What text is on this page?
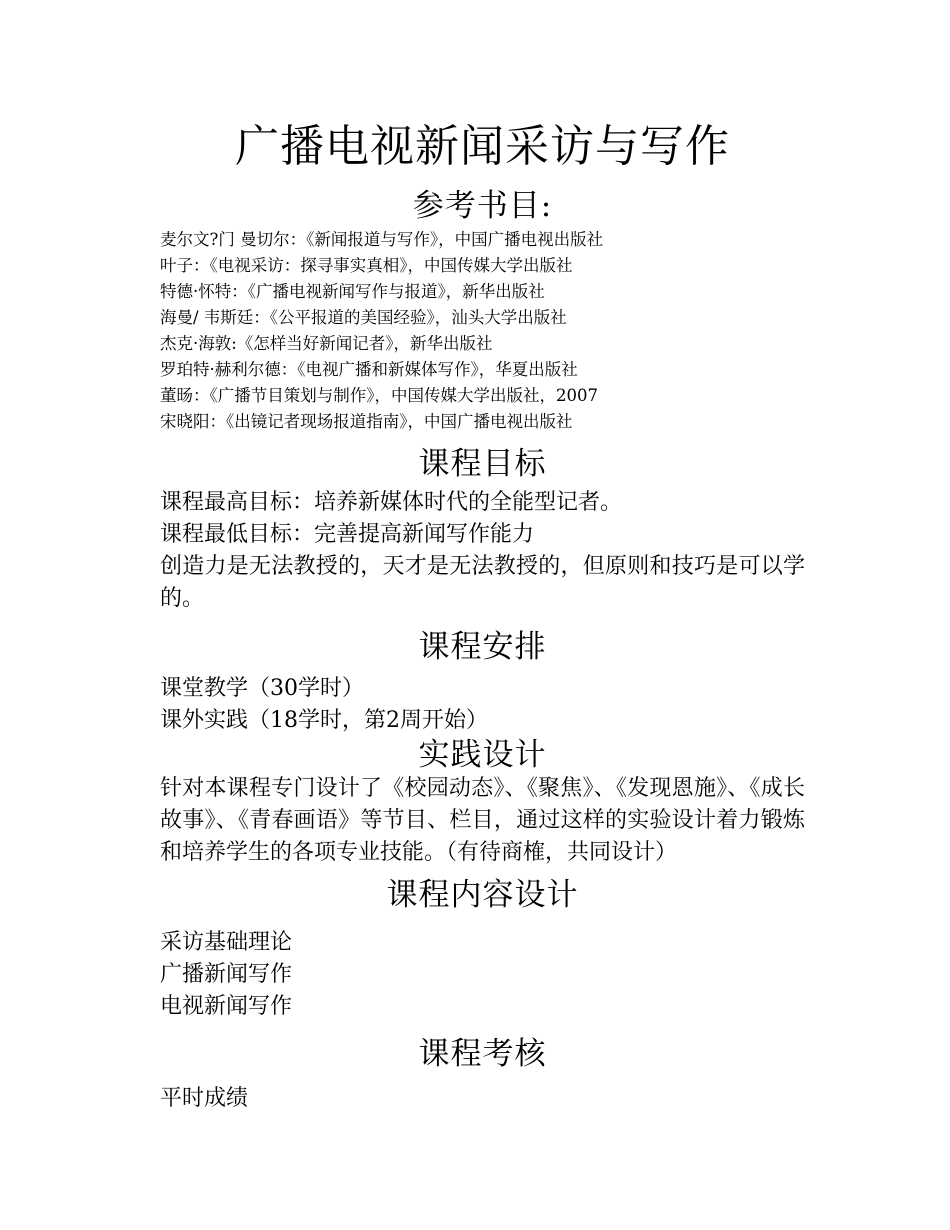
广播电视新闻采访与写作
参考书目:
麦尔文?门 曼切尔：《新闻报道与写作》，中国广播电视出版社
叶子：《电视采访：探寻事实真相》，中国传媒大学出版社
特德·怀特：《广播电视新闻写作与报道》，新华出版社
海曼/ 韦斯廷：《公平报道的美国经验》，汕头大学出版社
杰克·海敦:《怎样当好新闻记者》，新华出版社
罗珀特·赫利尔德：《电视广播和新媒体写作》，华夏出版社
董旸：《广播节目策划与制作》，中国传媒大学出版社，2007
宋晓阳：《出镜记者现场报道指南》，中国广播电视出版社
课程目标

课程最高目标：培养新媒体时代的全能型记者。

课程最低目标：完善提高新闻写作能力

创造力是无法教授的，天才是无法教授的，但原则和技巧是可以学的。

课程安排

课堂教学（30学时）

课外实践（18学时，第2周开始）

实践设计

针对本课程专门设计了《校园动态》、《聚焦》、《发现恩施》、《成长故事》、《青春画语》等节目、栏目，通过这样的实验设计着力锻炼和培养学生的各项专业技能。（有待商榷，共同设计）

课程内容设计

采访基础理论

广播新闻写作

电视新闻写作

课程考核

平时成绩
